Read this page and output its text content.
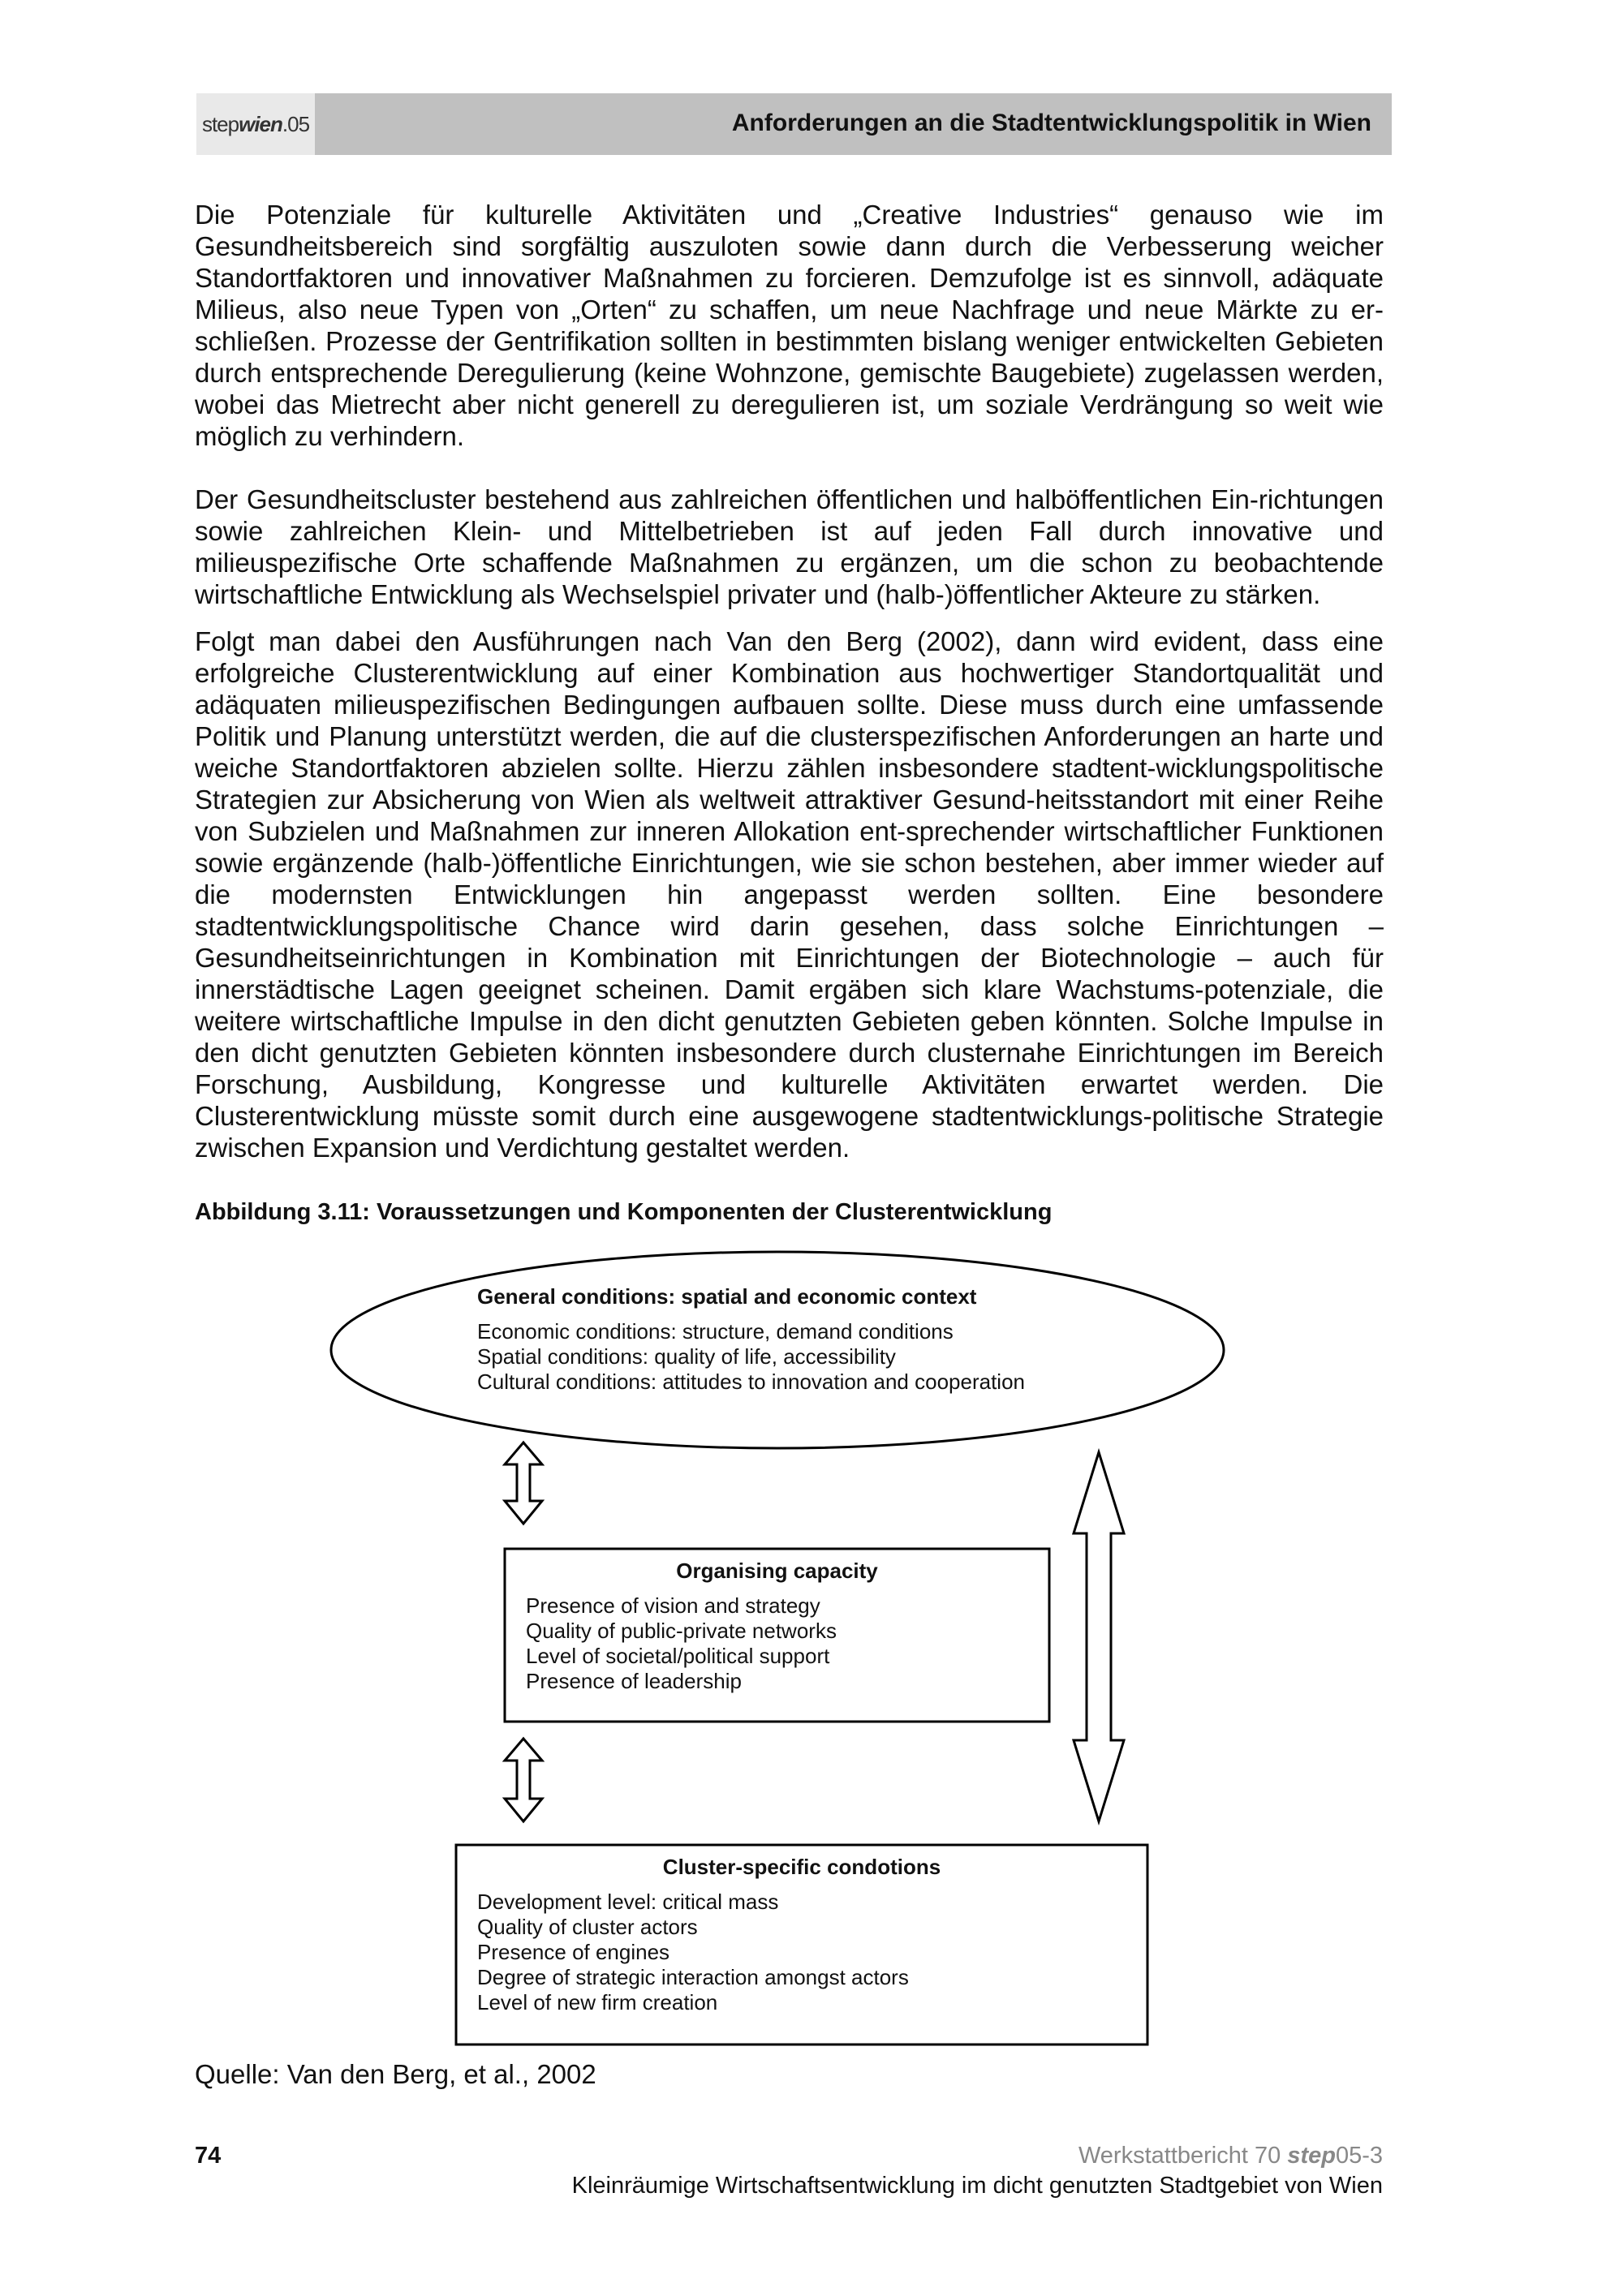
step wien .05	Anforderungen an die Stadtentwicklungspolitik in Wien

Die Potenziale für kulturelle Aktivitäten und „Creative Industries“ genauso wie im Gesundheitsbereich sind sorgfältig auszuloten sowie dann durch die Verbesserung weicher Standortfaktoren und innovativer Maßnahmen zu forcieren. Demzufolge ist es sinnvoll, adäquate Milieus, also neue Typen von „Orten“ zu schaffen, um neue Nachfrage und neue Märkte zu er-schließen. Prozesse der Gentrifikation sollten in bestimmten bislang weniger entwickelten Gebieten durch entsprechende Deregulierung (keine Wohnzone, gemischte Baugebiete) zugelassen werden, wobei das Mietrecht aber nicht generell zu deregulieren ist, um soziale Verdrängung so weit wie möglich zu verhindern.

Der Gesundheitscluster bestehend aus zahlreichen öffentlichen und halböffentlichen Ein-richtungen sowie zahlreichen Klein- und Mittelbetrieben ist auf jeden Fall durch innovative und milieuspezifische Orte schaffende Maßnahmen zu ergänzen, um die schon zu beobachtende wirtschaftliche Entwicklung als Wechselspiel privater und (halb-)öffentlicher Akteure zu stärken.

Folgt man dabei den Ausführungen nach Van den Berg (2002), dann wird evident, dass eine erfolgreiche Clusterentwicklung auf einer Kombination aus hochwertiger Standortqualität und adäquaten milieuspezifischen Bedingungen aufbauen sollte. Diese muss durch eine umfassende Politik und Planung unterstützt werden, die auf die clusterspezifischen Anforderungen an harte und weiche Standortfaktoren abzielen sollte. Hierzu zählen insbesondere stadtent-wicklungspolitische Strategien zur Absicherung von Wien als weltweit attraktiver Gesund-heitsstandort mit einer Reihe von Subzielen und Maßnahmen zur inneren Allokation ent-sprechender wirtschaftlicher Funktionen sowie ergänzende (halb-)öffentliche Einrichtungen, wie sie schon bestehen, aber immer wieder auf die modernsten Entwicklungen hin angepasst werden sollten. Eine besondere stadtentwicklungspolitische Chance wird darin gesehen, dass solche Einrichtungen – Gesundheitseinrichtungen in Kombination mit Einrichtungen der Biotechnologie – auch für innerstädtische Lagen geeignet scheinen. Damit ergäben sich klare Wachstums-potenziale, die weitere wirtschaftliche Impulse in den dicht genutzten Gebieten geben könnten. Solche Impulse in den dicht genutzten Gebieten könnten insbesondere durch clusternahe Einrichtungen im Bereich Forschung, Ausbildung, Kongresse und kulturelle Aktivitäten erwartet werden. Die Clusterentwicklung müsste somit durch eine ausgewogene stadtentwicklungs-politische Strategie zwischen Expansion und Verdichtung gestaltet werden.

Abbildung 3.11: Voraussetzungen und Komponenten der Clusterentwicklung
General conditions: spatial and economic context
Economic conditions: structure, demand conditions
Spatial conditions: quality of life, accessibility
Cultural conditions: attitudes to innovation and cooperation
Organising capacity
Presence of vision and strategy
Quality of public-private networks
Level of societal/political support
Presence of leadership
Cluster-specific condotions
Development level: critical mass
Quality of cluster actors
Presence of engines
Degree of strategic interaction amongst actors
Level of new firm creation
Quelle: Van den Berg, et al., 2002
74	Werkstattbericht 70 step05-3
Kleinräumige Wirtschaftsentwicklung im dicht genutzten Stadtgebiet von Wien
